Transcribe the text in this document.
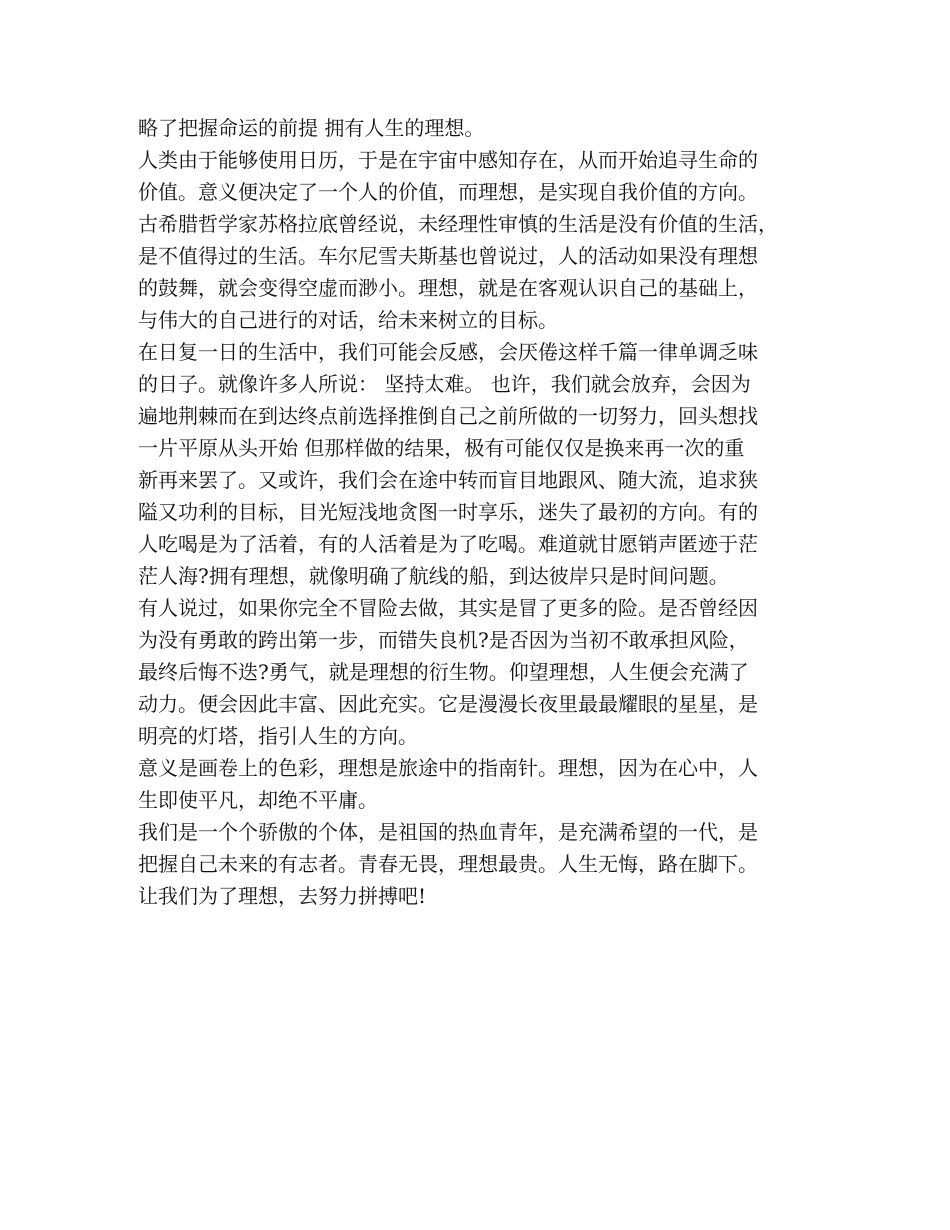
略了把握命运的前提 拥有人生的理想。
人类由于能够使用日历，于是在宇宙中感知存在，从而开始追寻生命的
价值。意义便决定了一个人的价值，而理想，是实现自我价值的方向。
古希腊哲学家苏格拉底曾经说，未经理性审慎的生活是没有价值的生活，
是不值得过的生活。车尔尼雪夫斯基也曾说过，人的活动如果没有理想
的鼓舞，就会变得空虚而渺小。理想，就是在客观认识自己的基础上，
与伟大的自己进行的对话，给未来树立的目标。
在日复一日的生活中，我们可能会反感，会厌倦这样千篇一律单调乏味
的日子。就像许多人所说： 坚持太难。 也许，我们就会放弃，会因为
遍地荆棘而在到达终点前选择推倒自己之前所做的一切努力，回头想找
一片平原从头开始 但那样做的结果，极有可能仅仅是换来再一次的重
新再来罢了。又或许，我们会在途中转而盲目地跟风、随大流，追求狭
隘又功利的目标，目光短浅地贪图一时享乐，迷失了最初的方向。有的
人吃喝是为了活着，有的人活着是为了吃喝。难道就甘愿销声匿迹于茫
茫人海?拥有理想，就像明确了航线的船，到达彼岸只是时间问题。
有人说过，如果你完全不冒险去做，其实是冒了更多的险。是否曾经因
为没有勇敢的跨出第一步，而错失良机?是否因为当初不敢承担风险，
最终后悔不迭?勇气，就是理想的衍生物。仰望理想，人生便会充满了
动力。便会因此丰富、因此充实。它是漫漫长夜里最最耀眼的星星，是
明亮的灯塔，指引人生的方向。
意义是画卷上的色彩，理想是旅途中的指南针。理想，因为在心中，人
生即使平凡，却绝不平庸。
我们是一个个骄傲的个体，是祖国的热血青年，是充满希望的一代，是
把握自己未来的有志者。青春无畏，理想最贵。人生无悔，路在脚下。
让我们为了理想，去努力拼搏吧!
